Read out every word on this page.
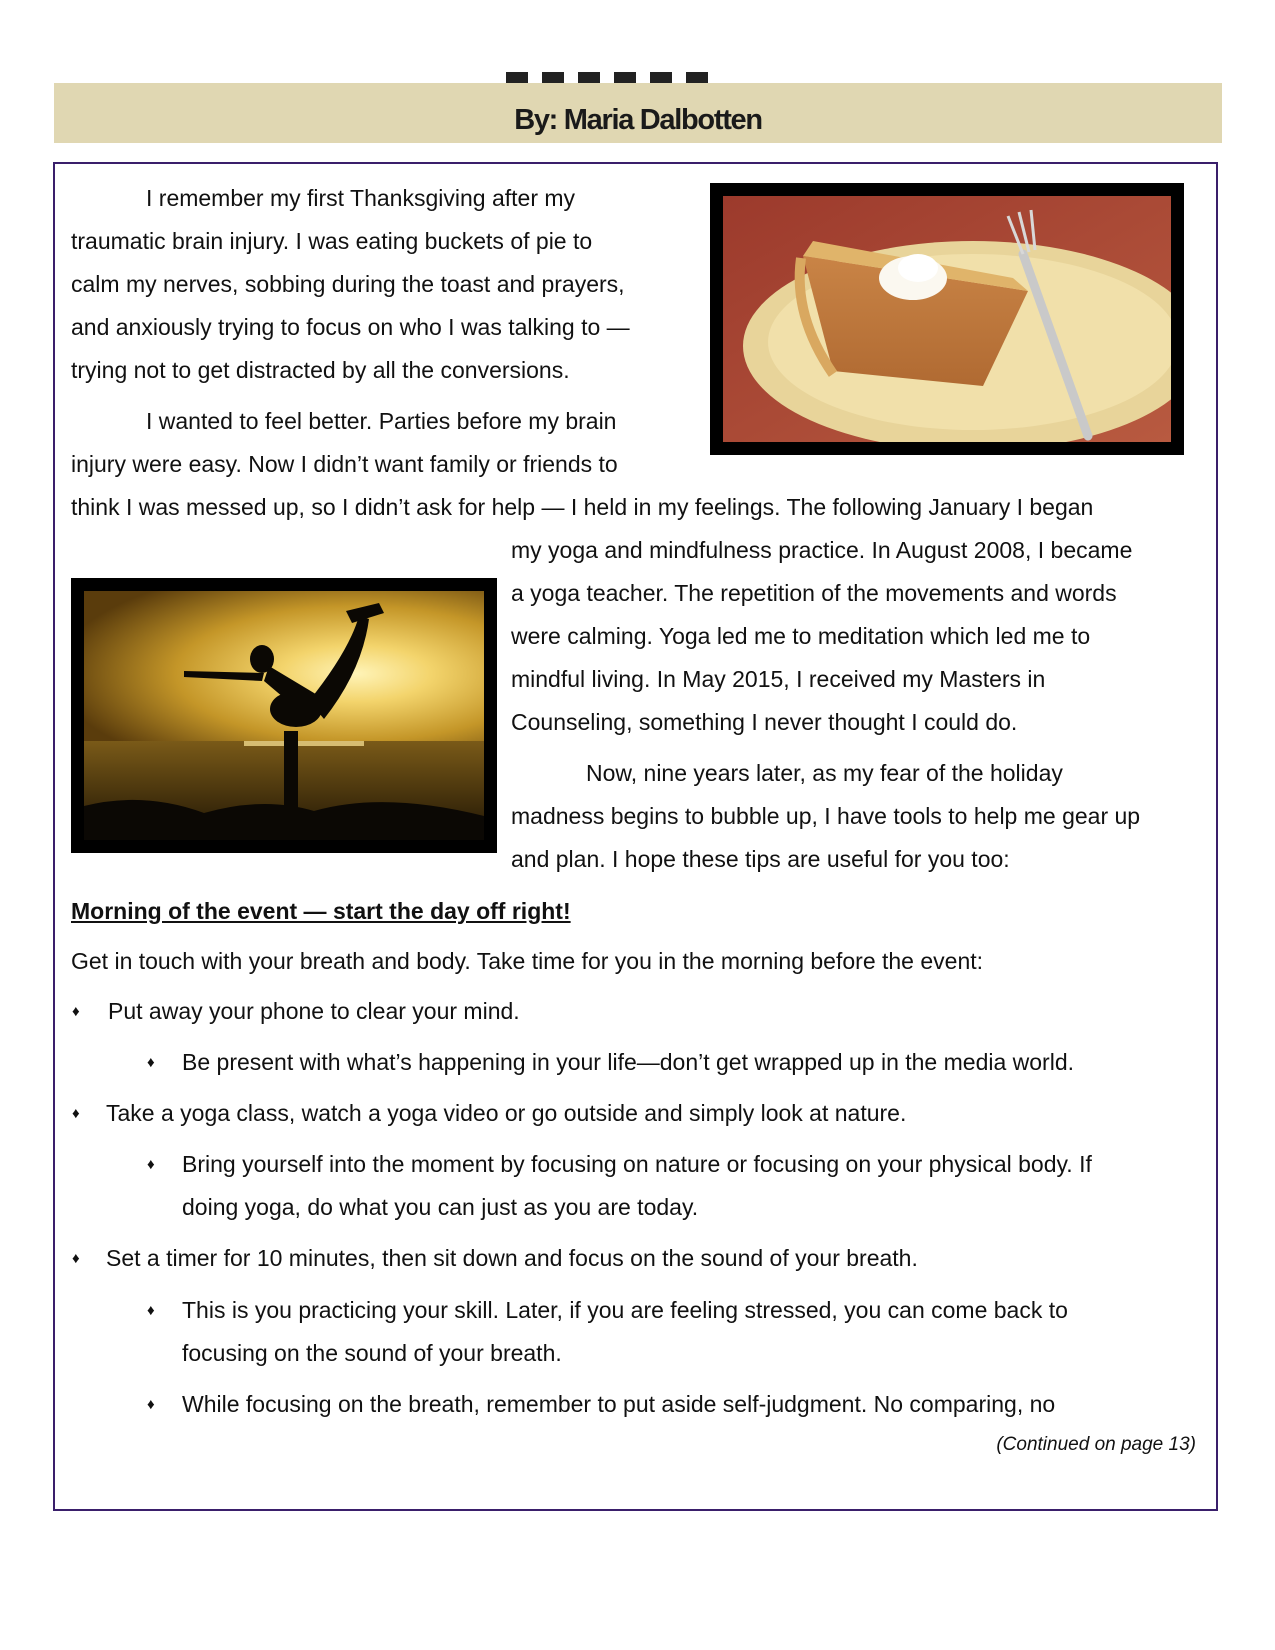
By: Maria Dalbotten
I remember my first Thanksgiving after my
traumatic brain injury. I was eating buckets of pie to
calm my nerves, sobbing during the toast and prayers,
and anxiously trying to focus on who I was talking to —
trying not to get distracted by all the conversions.
I wanted to feel better. Parties before my brain
injury were easy. Now I didn’t want family or friends to
think I was messed up, so I didn’t ask for help — I held in my feelings. The following January I began
my yoga and mindfulness practice. In August 2008, I became
a yoga teacher. The repetition of the movements and words
were calming. Yoga led me to meditation which led me to
mindful living. In May 2015, I received my Masters in
Counseling, something I never thought I could do.
Now, nine years later, as my fear of the holiday
madness begins to bubble up, I have tools to help me gear up
and plan. I hope these tips are useful for you too:
Morning of the event — start the day off right!
Get in touch with your breath and body. Take time for you in the morning before the event:
♦ Put away your phone to clear your mind.
♦ Be present with what’s happening in your life—don’t get wrapped up in the media world.
♦ Take a yoga class, watch a yoga video or go outside and simply look at nature.
♦ Bring yourself into the moment by focusing on nature or focusing on your physical body. If
doing yoga, do what you can just as you are today.
♦ Set a timer for 10 minutes, then sit down and focus on the sound of your breath.
♦ This is you practicing your skill. Later, if you are feeling stressed, you can come back to
focusing on the sound of your breath.
♦ While focusing on the breath, remember to put aside self-judgment. No comparing, no
(Continued on page 13)
